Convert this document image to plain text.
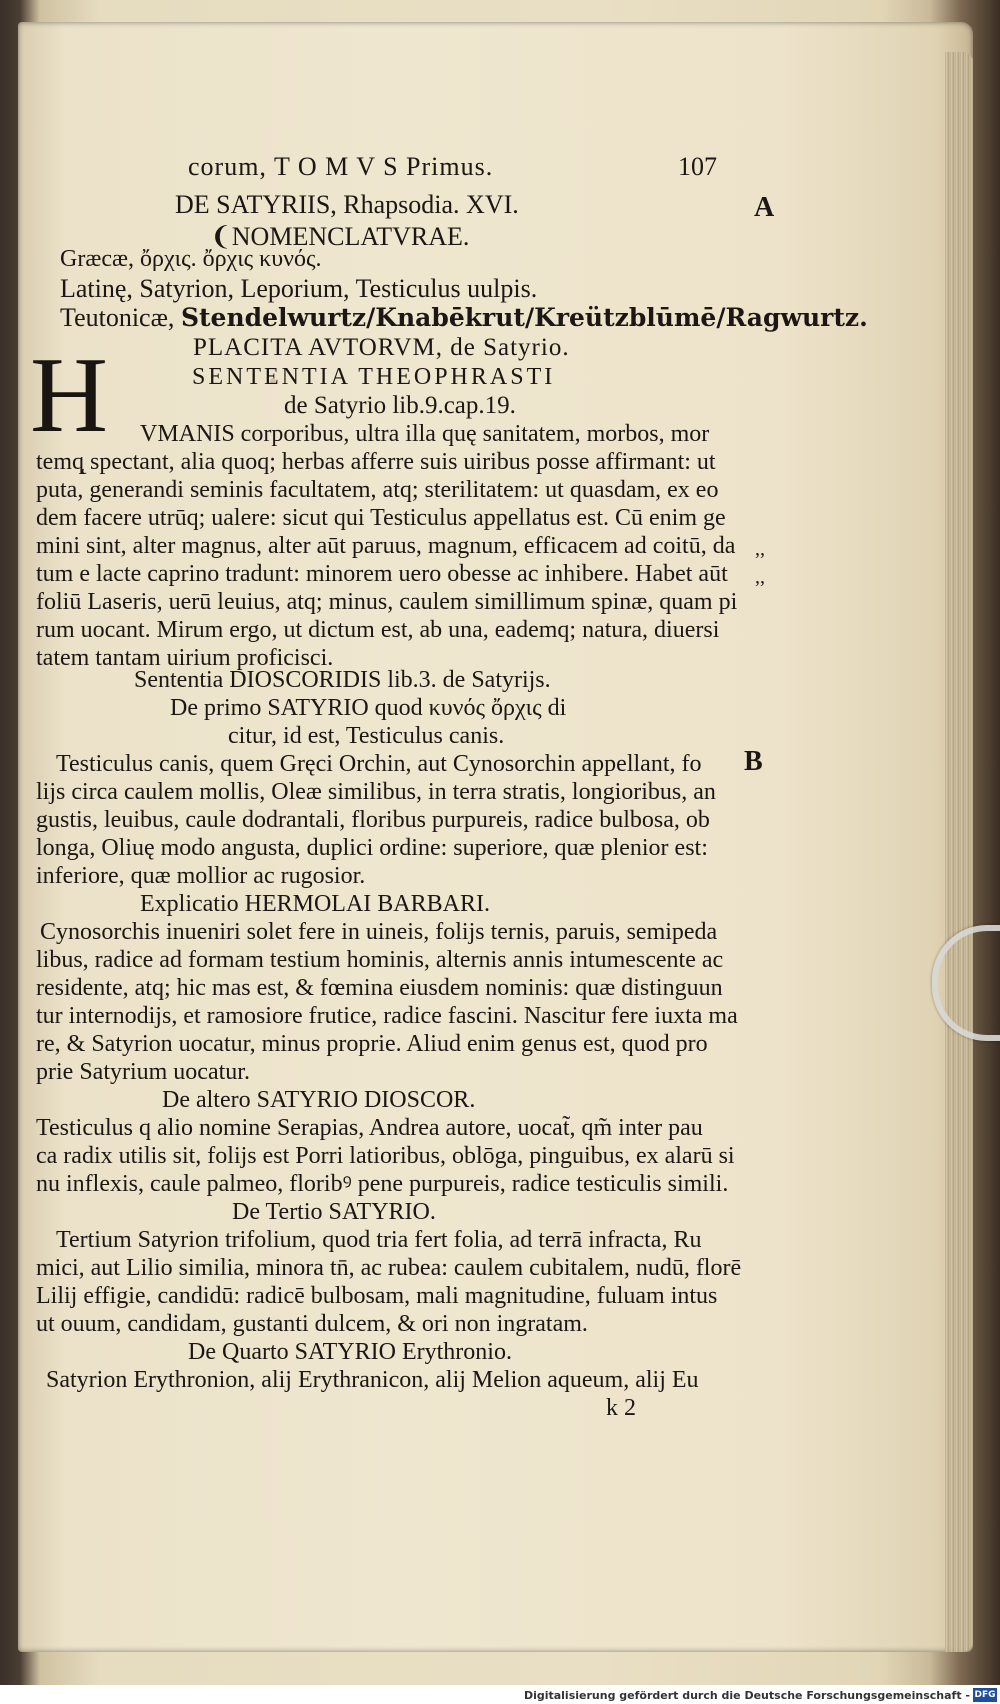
corum, T O M V S Primus.	107
A
DE SATYRIIS, Rhapsodia. XVI.
❨NOMENCLATVRAE.
Græcæ, ὄρχις. ὄρχις κυνός.
Latinę, Satyrion, Leporium, Testiculus uulpis.
Teutonicæ, Stendelwurtz/Knabēkrut/Kreützblūmē/Ragwurtz.
PLACITA AVTORVM, de Satyrio.
H	SENTENTIA THEOPHRASTI
de Satyrio lib.9.cap.19.
VMANIS corporibus, ultra illa quę sanitatem, morbos, mor
temq̨ spectant, alia quoq; herbas afferre suis uiribus posse affirmant: ut
puta, generandi seminis facultatem, atq; sterilitatem: ut quasdam, ex eo
dem facere utrūq; ualere: sicut qui Testiculus appellatus est. Cū enim ge
mini sint, alter magnus, alter aūt paruus, magnum, efficacem ad coitū, da
tum e lacte caprino tradunt: minorem uero obesse ac inhibere. Habet aūt
foliū Laseris, uerū leuius, atq; minus, caulem simillimum spinæ, quam pi
rum uocant. Mirum ergo, ut dictum est, ab una, eademq; natura, diuersi
tatem tantam uirium proficisci.
,,
,,
Sententia DIOSCORIDIS lib.3. de Satyrijs.
De primo SATYRIO quod κυνός ὄρχις di
citur, id est, Testiculus canis.
B
Testiculus canis, quem Gręci Orchin, aut Cynosorchin appellant, fo
lijs circa caulem mollis, Oleæ similibus, in terra stratis, longioribus, an
gustis, leuibus, caule dodrantali, floribus purpureis, radice bulbosa, ob
longa, Oliuę modo angusta, duplici ordine: superiore, quæ plenior est:
inferiore, quæ mollior ac rugosior.
Explicatio HERMOLAI BARBARI.
Cynosorchis inueniri solet fere in uineis, folijs ternis, paruis, semipeda
libus, radice ad formam testium hominis, alternis annis intumescente ac
residente, atq; hic mas est, & fœmina eiusdem nominis: quæ distinguun
tur internodijs, et ramosiore frutice, radice fascini. Nascitur fere iuxta ma
re, & Satyrion uocatur, minus proprie. Aliud enim genus est, quod pro
prie Satyrium uocatur.
De altero SATYRIO DIOSCOR.
Testiculus q alio nomine Serapias, Andrea autore, uocat̃, qm̃ inter pau
ca radix utilis sit, folijs est Porri latioribus, oblōga, pinguibus, ex alarū si
nu inflexis, caule palmeo, floribꝰ pene purpureis, radice testiculis simili.
De Tertio SATYRIO.
Tertium Satyrion trifolium, quod tria fert folia, ad terrā infracta, Ru
mici, aut Lilio similia, minora tn̄, ac rubea: caulem cubitalem, nudū, florē
Lilij effigie, candidū: radicē bulbosam, mali magnitudine, fuluam intus
ut ouum, candidam, gustanti dulcem, & ori non ingratam.
De Quarto SATYRIO Erythronio.
Satyrion Erythronion, alij Erythranicon, alij Melion aqueum, alij Eu
k 2
Digitalisierung gefördert durch die Deutsche Forschungsgemeinschaft - DFG
